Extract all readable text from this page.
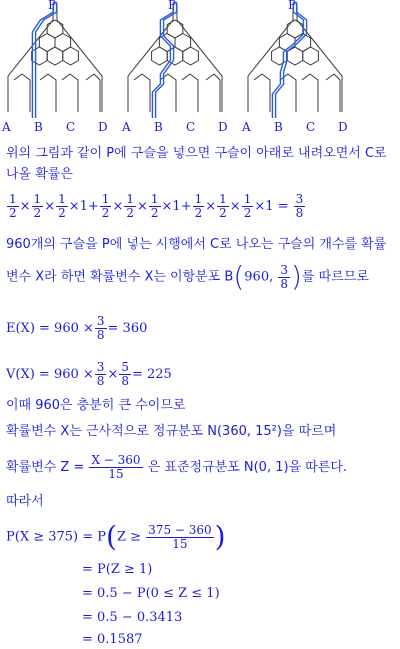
P	P	P
A B C D A B C D A B C D
위의 그림과 같이 P에 구슬을 넣으면 구슬이 아래로 내려오면서 C로
나올 확률은
$\frac{1}{2} \times \frac{1}{2} \times \frac{1}{2} \times 1+ \frac{1}{2} \times \frac{1}{2} \times \frac{1}{2} \times 1+ \frac{1}{2} \times \frac{1}{2} \times \frac{1}{2} \times 1 = \frac{3}{8}$
960개의 구슬을 P에 넣는 시행에서 C로 나오는 구슬의 개수를 확률
변수 X라 하면 확률변수 X는 이항분포 B(960, $\frac{3}{8}$ )를 따르므로
$E(X) = 960 \times \frac{3}{8} = 360$
$V(X) = 960 \times \frac{3}{8} \times \frac{5}{8} = 225$
이때 960은 충분히 큰 수이므로
확률변수 X는 근사적으로 정규분포 N(360, 15²)을 따르며
확률변수 $Z = \frac{X - 360}{15}$ 은 표준정규분포 N(0, 1)을 따른다.
따라서
$P(X \ge 375) = P(Z \ge \frac{375 - 360}{15}$ )
= P(Z ≥ 1)
= 0.5 − P(0 ≤ Z ≤ 1)
= 0.5 − 0.3413
= 0.1587
